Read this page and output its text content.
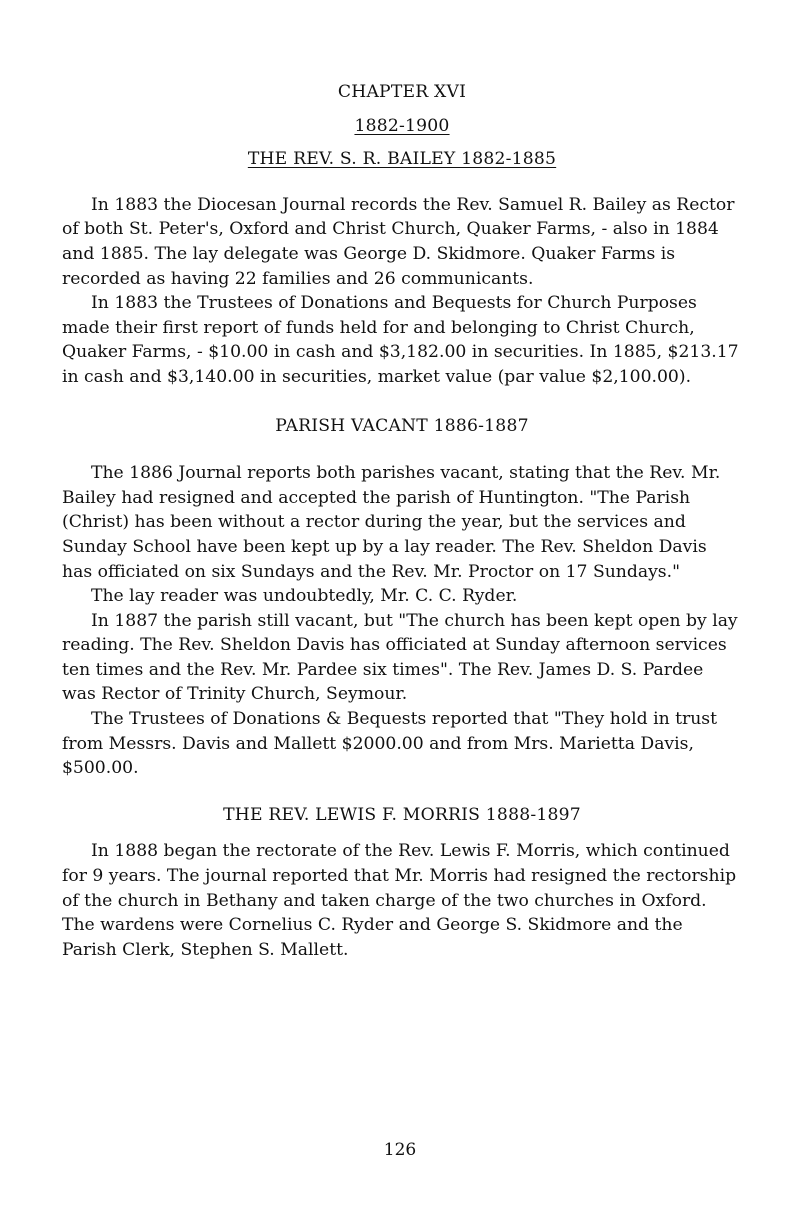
CHAPTER XVI

1882-1900

THE REV. S. R. BAILEY 1882-1885

In 1883 the Diocesan Journal records the Rev. Samuel R. Bailey as Rector of both St. Peter's, Oxford and Christ Church, Quaker Farms, - also in 1884 and 1885. The lay delegate was George D. Skidmore. Quaker Farms is recorded as having 22 families and 26 communicants.

In 1883 the Trustees of Donations and Bequests for Church Purposes made their first report of funds held for and belonging to Christ Church, Quaker Farms, - $10.00 in cash and $3,182.00 in securities. In 1885, $213.17 in cash and $3,140.00 in securities, market value (par value $2,100.00).

PARISH VACANT 1886-1887

The 1886 Journal reports both parishes vacant, stating that the Rev. Mr. Bailey had resigned and accepted the parish of Huntington. "The Parish (Christ) has been without a rector during the year, but the services and Sunday School have been kept up by a lay reader. The Rev. Sheldon Davis has officiated on six Sundays and the Rev. Mr. Proctor on 17 Sundays."

The lay reader was undoubtedly, Mr. C. C. Ryder.

In 1887 the parish still vacant, but "The church has been kept open by lay reading. The Rev. Sheldon Davis has officiated at Sunday afternoon services ten times and the Rev. Mr. Pardee six times". The Rev. James D. S. Pardee was Rector of Trinity Church, Seymour.

The Trustees of Donations & Bequests reported that "They hold in trust from Messrs. Davis and Mallett $2000.00 and from Mrs. Marietta Davis, $500.00.

THE REV. LEWIS F. MORRIS 1888-1897

In 1888 began the rectorate of the Rev. Lewis F. Morris, which continued for 9 years. The journal reported that Mr. Morris had resigned the rectorship of the church in Bethany and taken charge of the two churches in Oxford. The wardens were Cornelius C. Ryder and George S. Skidmore and the Parish Clerk, Stephen S. Mallett.

126
